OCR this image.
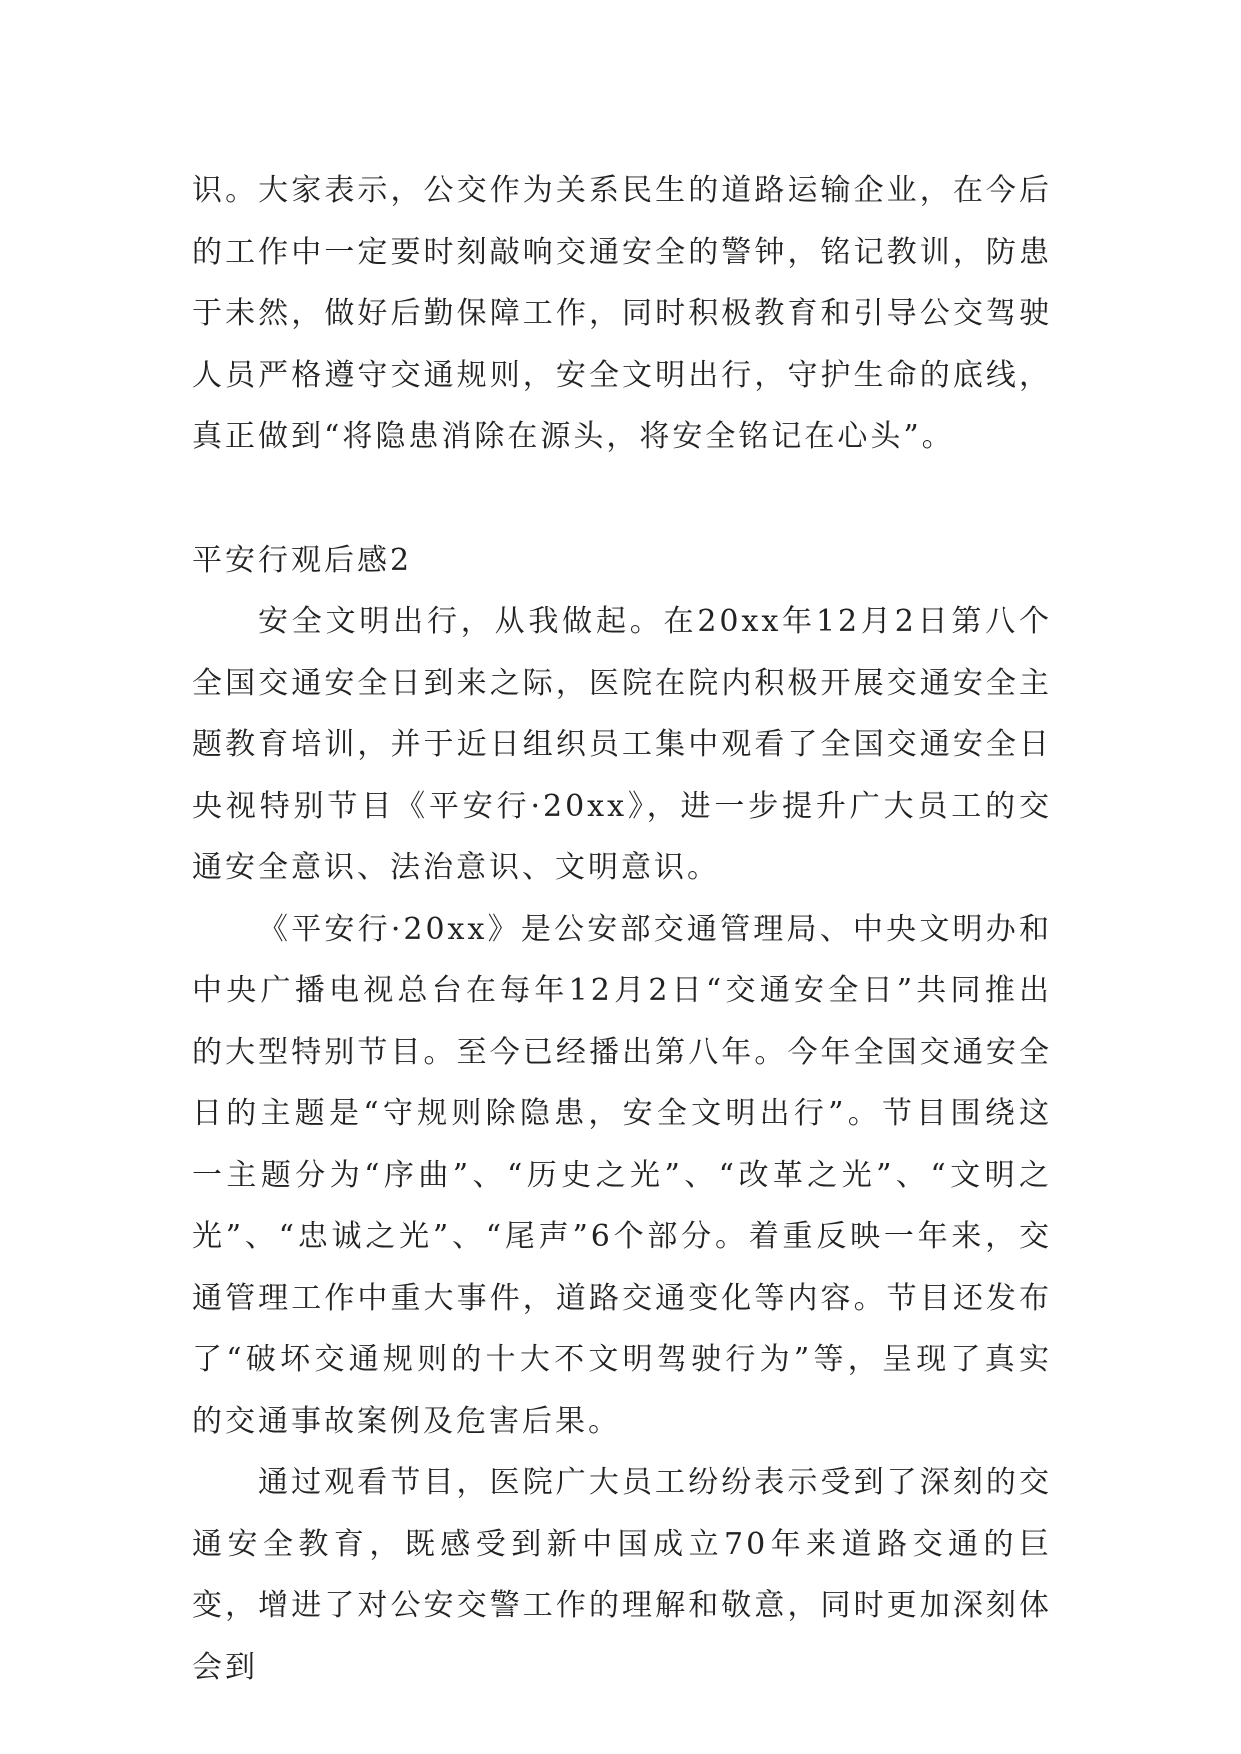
识。大家表示，公交作为关系民生的道路运输企业，在今后的工作中一定要时刻敲响交通安全的警钟，铭记教训，防患于未然，做好后勤保障工作，同时积极教育和引导公交驾驶人员严格遵守交通规则，安全文明出行，守护生命的底线，真正做到“将隐患消除在源头，将安全铭记在心头”。

平安行观后感2

安全文明出行，从我做起。在20xx年12月2日第八个全国交通安全日到来之际，医院在院内积极开展交通安全主题教育培训，并于近日组织员工集中观看了全国交通安全日央视特别节目《平安行·20xx》，进一步提升广大员工的交通安全意识、法治意识、文明意识。

《平安行·20xx》是公安部交通管理局、中央文明办和中央广播电视总台在每年12月2日“交通安全日”共同推出的大型特别节目。至今已经播出第八年。今年全国交通安全日的主题是“守规则除隐患，安全文明出行”。节目围绕这一主题分为“序曲”、“历史之光”、“改革之光”、“文明之光”、“忠诚之光”、“尾声”6个部分。着重反映一年来，交通管理工作中重大事件，道路交通变化等内容。节目还发布了“破坏交通规则的十大不文明驾驶行为”等，呈现了真实的交通事故案例及危害后果。

通过观看节目，医院广大员工纷纷表示受到了深刻的交通安全教育，既感受到新中国成立70年来道路交通的巨变，增进了对公安交警工作的理解和敬意，同时更加深刻体会到
